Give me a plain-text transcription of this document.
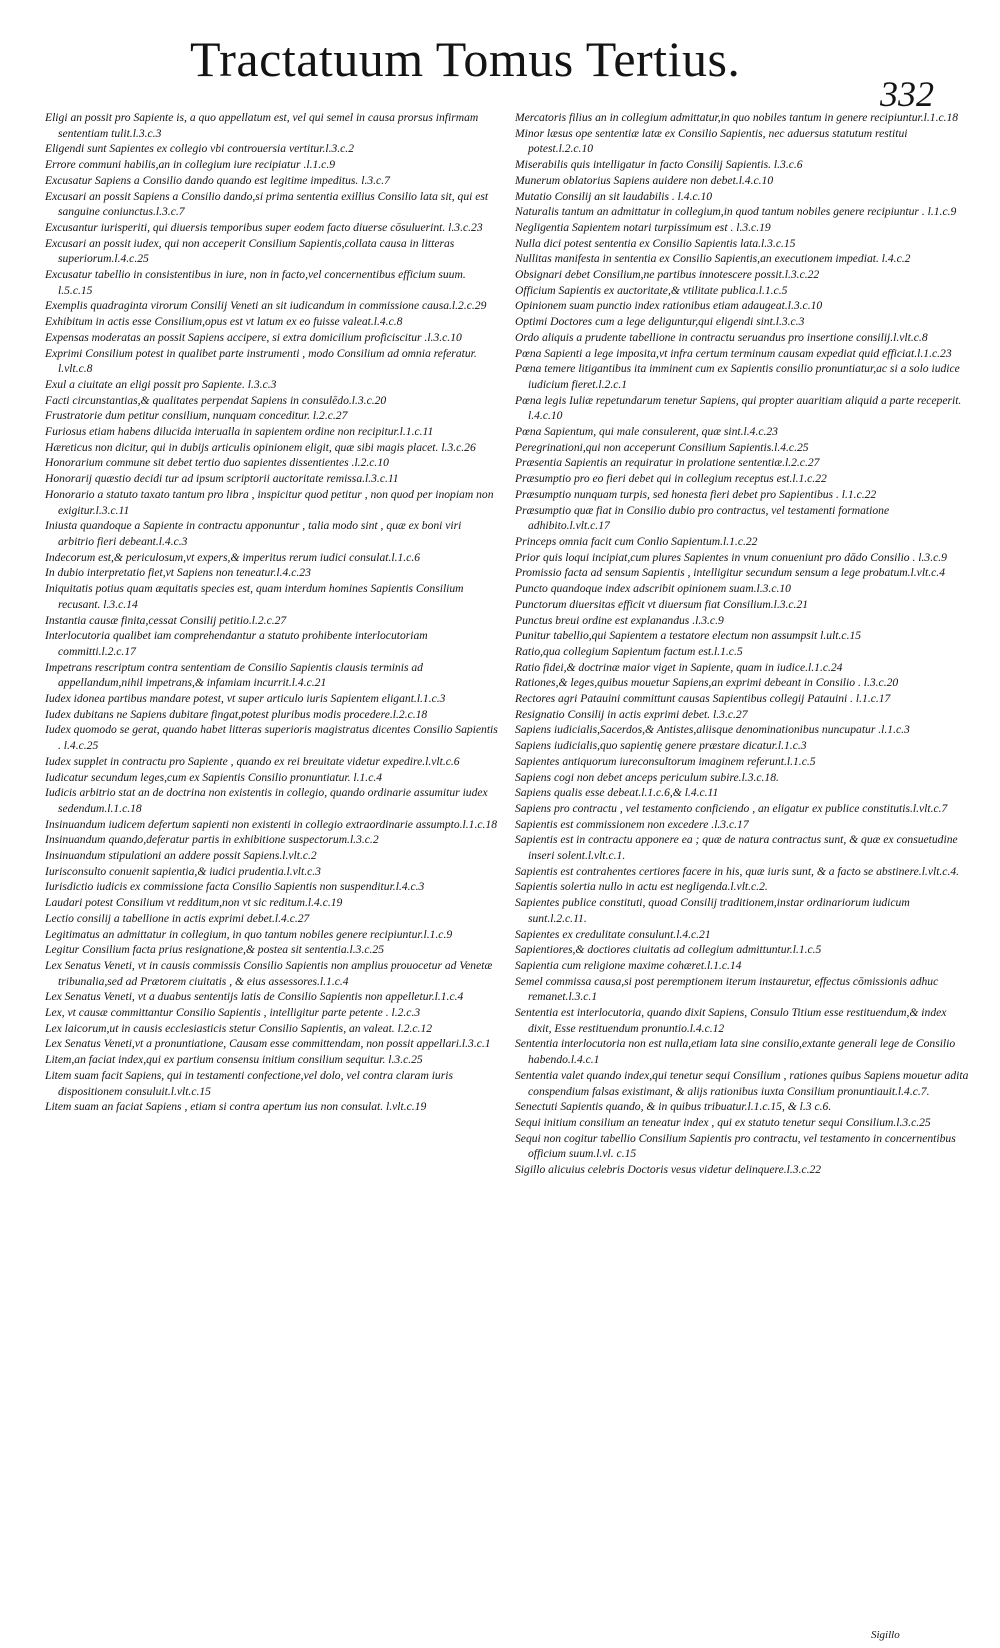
Tractatuum Tomus Tertius.
332

Eligi an possit pro Sapiente is, a quo appellatum est, vel qui semel in causa prorsus infirmam sententiam tulit.l.3.c.3

Eligendi sunt Sapientes ex collegio vbi controuersia vertitur.l.3.c.2

Errore communi habilis,an in collegium iure recipiatur .l.1.c.9

Excusatur Sapiens a Consilio dando quando est legitime impeditus. l.3.c.7

Excusari an possit Sapiens a Consilio dando,si prima sententia exillius Consilio lata sit, qui est sanguine coniunctus.l.3.c.7

Excusantur iurisperiti, qui diuersis temporibus super eodem facto diuerse cōsuluerint. l.3.c.23

Excusari an possit iudex, qui non acceperit Consilium Sapientis,collata causa in litteras superiorum.l.4.c.25

Excusatur tabellio in consistentibus in iure, non in facto,vel concernentibus efficium suum. l.5.c.15

Exemplis quadraginta virorum Consilij Veneti an sit iudicandum in commissione causa.l.2.c.29

Exhibitum in actis esse Consilium,opus est vt latum ex eo fuisse valeat.l.4.c.8

Expensas moderatas an possit Sapiens accipere, si extra domicilium proficiscitur .l.3.c.10

Exprimi Consilium potest in qualibet parte instrumenti , modo Consilium ad omnia referatur. l.vlt.c.8

Exul a ciuitate an eligi possit pro Sapiente. l.3.c.3

Facti circunstantias,& qualitates perpendat Sapiens in consulēdo.l.3.c.20

Frustratorie dum petitur consilium, nunquam conceditur. l.2.c.27

Furiosus etiam habens dilucida interualla in sapientem ordine non recipitur.l.1.c.11

Hæreticus non dicitur, qui in dubijs articulis opinionem eligit, quæ sibi magis placet. l.3.c.26

Honorarium commune sit debet tertio duo sapientes dissentientes .l.2.c.10

Honorarij quæstio decidi tur ad ipsum scriptorii auctoritate remissa.l.3.c.11

Honorario a statuto taxato tantum pro libra , inspicitur quod petitur , non quod per inopiam non exigitur.l.3.c.11

Iniusta quandoque a Sapiente in contractu apponuntur , talia modo sint , quæ ex boni viri arbitrio fieri debeant.l.4.c.3

Indecorum est,& periculosum,vt expers,& imperitus rerum iudici consulat.l.1.c.6

In dubio interpretatio fiet,vt Sapiens non teneatur.l.4.c.23

Iniquitatis potius quam æquitatis species est, quam interdum homines Sapientis Consilium recusant. l.3.c.14

Instantia causæ finita,cessat Consilij petitio.l.2.c.27

Interlocutoria qualibet iam comprehendantur a statuto prohibente interlocutoriam committi.l.2.c.17

Impetrans rescriptum contra sententiam de Consilio Sapientis clausis terminis ad appellandum,nihil impetrans,& infamiam incurrit.l.4.c.21

Iudex idonea partibus mandare potest, vt super articulo iuris Sapientem eligant.l.1.c.3

Iudex dubitans ne Sapiens dubitare fingat,potest pluribus modis procedere.l.2.c.18

Iudex quomodo se gerat, quando habet litteras superioris magistratus dicentes Consilio Sapientis . l.4.c.25

Iudex supplet in contractu pro Sapiente , quando ex rei breuitate videtur expedire.l.vlt.c.6

Iudicatur secundum leges,cum ex Sapientis Consilio pronuntiatur. l.1.c.4

Iudicis arbitrio stat an de doctrina non existentis in collegio, quando ordinarie assumitur iudex sedendum.l.1.c.18

Insinuandum iudicem defertum sapienti non existenti in collegio extraordinarie assumpto.l.1.c.18

Insinuandum quando,deferatur partis in exhibitione suspectorum.l.3.c.2

Insinuandum stipulationi an addere possit Sapiens.l.vlt.c.2

Iurisconsulto conuenit sapientia,& iudici prudentia.l.vlt.c.3

Iurisdictio iudicis ex commissione facta Consilio Sapientis non suspenditur.l.4.c.3

Laudari potest Consilium vt redditum,non vt sic reditum.l.4.c.19

Lectio consilij a tabellione in actis exprimi debet.l.4.c.27

Legitimatus an admittatur in collegium, in quo tantum nobiles genere recipiuntur.l.1.c.9

Legitur Consilium facta prius resignatione,& postea sit sententia.l.3.c.25

Lex Senatus Veneti, vt in causis commissis Consilio Sapientis non amplius prouocetur ad Venetæ tribunalia,sed ad Prætorem ciuitatis , & eius assessores.l.1.c.4

Lex Senatus Veneti, vt a duabus sententijs latis de Consilio Sapientis non appelletur.l.1.c.4

Lex, vt causæ committantur Consilio Sapientis , intelligitur parte petente . l.2.c.3

Lex laicorum,ut in causis ecclesiasticis stetur Consilio Sapientis, an valeat. l.2.c.12

Lex Senatus Veneti,vt a pronuntiatione, Causam esse committendam, non possit appellari.l.3.c.1

Litem,an faciat index,qui ex partium consensu initium consilium sequitur. l.3.c.25

Litem suam facit Sapiens, qui in testamenti confectione,vel dolo, vel contra claram iuris dispositionem consuluit.l.vlt.c.15

Litem suam an faciat Sapiens , etiam si contra apertum ius non consulat. l.vlt.c.19

Mercatoris filius an in collegium admittatur,in quo nobiles tantum in genere recipiuntur.l.1.c.18

Minor læsus ope sententiæ latæ ex Consilio Sapientis, nec aduersus statutum restitui potest.l.2.c.10

Miserabilis quis intelligatur in facto Consilij Sapientis. l.3.c.6

Munerum oblatorius Sapiens auidere non debet.l.4.c.10

Mutatio Consilij an sit laudabilis . l.4.c.10

Naturalis tantum an admittatur in collegium,in quod tantum nobiles genere recipiuntur . l.1.c.9

Negligentia Sapientem notari turpissimum est . l.3.c.19

Nulla dici potest sententia ex Consilio Sapientis lata.l.3.c.15

Nullitas manifesta in sententia ex Consilio Sapientis,an executionem impediat. l.4.c.2

Obsignari debet Consilium,ne partibus innotescere possit.l.3.c.22

Officium Sapientis ex auctoritate,& vtilitate publica.l.1.c.5

Opinionem suam punctio index rationibus etiam adaugeat.l.3.c.10

Optimi Doctores cum a lege deliguntur,qui eligendi sint.l.3.c.3

Ordo aliquis a prudente tabellione in contractu seruandus pro insertione consilij.l.vlt.c.8

Pœna Sapienti a lege imposita,vt infra certum terminum causam expediat quid efficiat.l.1.c.23

Pœna temere litigantibus ita imminent cum ex Sapientis consilio pronuntiatur,ac si a solo iudice iudicium fieret.l.2.c.1

Pœna legis Iuliæ repetundarum tenetur Sapiens, qui propter auaritiam aliquid a parte receperit. l.4.c.10

Pœna Sapientum, qui male consulerent, quæ sint.l.4.c.23

Peregrinationi,qui non acceperunt Consilium Sapientis.l.4.c.25

Præsentia Sapientis an requiratur in prolatione sententiæ.l.2.c.27

Præsumptio pro eo fieri debet qui in collegium receptus est.l.1.c.22

Præsumptio nunquam turpis, sed honesta fieri debet pro Sapientibus . l.1.c.22

Præsumptio quæ fiat in Consilio dubio pro contractus, vel testamenti formatione adhibito.l.vlt.c.17

Princeps omnia facit cum Conlio Sapientum.l.1.c.22

Prior quis loqui incipiat,cum plures Sapientes in vnum conueniunt pro dādo Consilio . l.3.c.9

Promissio facta ad sensum Sapientis , intelligitur secundum sensum a lege probatum.l.vlt.c.4

Puncto quandoque index adscribit opinionem suam.l.3.c.10

Punctorum diuersitas efficit vt diuersum fiat Consilium.l.3.c.21

Punctus breui ordine est explanandus .l.3.c.9

Punitur tabellio,qui Sapientem a testatore electum non assumpsit l.ult.c.15

Ratio,qua collegium Sapientum factum est.l.1.c.5

Ratio fidei,& doctrinæ maior viget in Sapiente, quam in iudice.l.1.c.24

Rationes,& leges,quibus mouetur Sapiens,an exprimi debeant in Consilio . l.3.c.20

Rectores agri Patauini committunt causas Sapientibus collegij Patauini . l.1.c.17

Resignatio Consilij in actis exprimi debet. l.3.c.27

Sapiens iudicialis,Sacerdos,& Antistes,aliisque denominationibus nuncupatur .l.1.c.3

Sapiens iudicialis,quo sapientię genere præstare dicatur.l.1.c.3

Sapientes antiquorum iureconsultorum imaginem referunt.l.1.c.5

Sapiens cogi non debet anceps periculum subire.l.3.c.18.

Sapiens qualis esse debeat.l.1.c.6,& l.4.c.11

Sapiens pro contractu , vel testamento conficiendo , an eligatur ex publice constitutis.l.vlt.c.7

Sapientis est commissionem non excedere .l.3.c.17

Sapientis est in contractu apponere ea ; quæ de natura contractus sunt, & quæ ex consuetudine inseri solent.l.vlt.c.1.

Sapientis est contrahentes certiores facere in his, quæ iuris sunt, & a facto se abstinere.l.vlt.c.4.

Sapientis solertia nullo in actu est negligenda.l.vlt.c.2.

Sapientes publice constituti, quoad Consilij traditionem,instar ordinariorum iudicum sunt.l.2.c.11.

Sapientes ex credulitate consulunt.l.4.c.21

Sapientiores,& doctiores ciuitatis ad collegium admittuntur.l.1.c.5

Sapientia cum religione maxime cohæret.l.1.c.14

Semel commissa causa,si post peremptionem iterum instauretur, effectus cōmissionis adhuc remanet.l.3.c.1

Sententia est interlocutoria, quando dixit Sapiens, Consulo Titium esse restituendum,& index dixit, Esse restituendum pronuntio.l.4.c.12

Sententia interlocutoria non est nulla,etiam lata sine consilio,extante generali lege de Consilio habendo.l.4.c.1

Sententia valet quando index,qui tenetur sequi Consilium , rationes quibus Sapiens mouetur adita conspendium falsas existimant, & alijs rationibus iuxta Consilium pronuntiauit.l.4.c.7.

Senectuti Sapientis quando, & in quibus tribuatur.l.1.c.15, & l.3 c.6.

Sequi initium consilium an teneatur index , qui ex statuto tenetur sequi Consilium.l.3.c.25

Sequi non cogitur tabellio Consilium Sapientis pro contractu, vel testamento in concernentibus officium suum.l.vl. c.15

Sigillo alicuius celebris Doctoris vesus videtur delinquere.l.3.c.22

Sigillo
